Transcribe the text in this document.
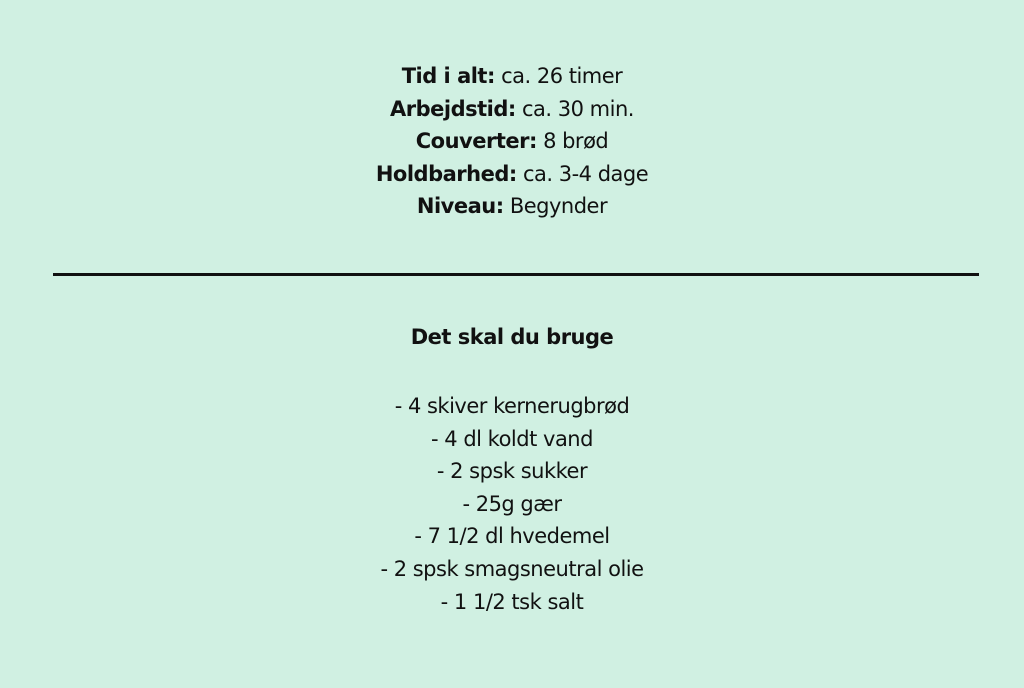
Tid i alt: ca. 26 timer
Arbejdstid: ca. 30 min.
Couverter: 8 brød
Holdbarhed: ca. 3-4 dage
Niveau: Begynder
Det skal du bruge
- 4 skiver kernerugbrød
- 4 dl koldt vand
- 2 spsk sukker
- 25g gær
- 7 1/2 dl hvedemel
- 2 spsk smagsneutral olie
- 1 1/2 tsk salt
